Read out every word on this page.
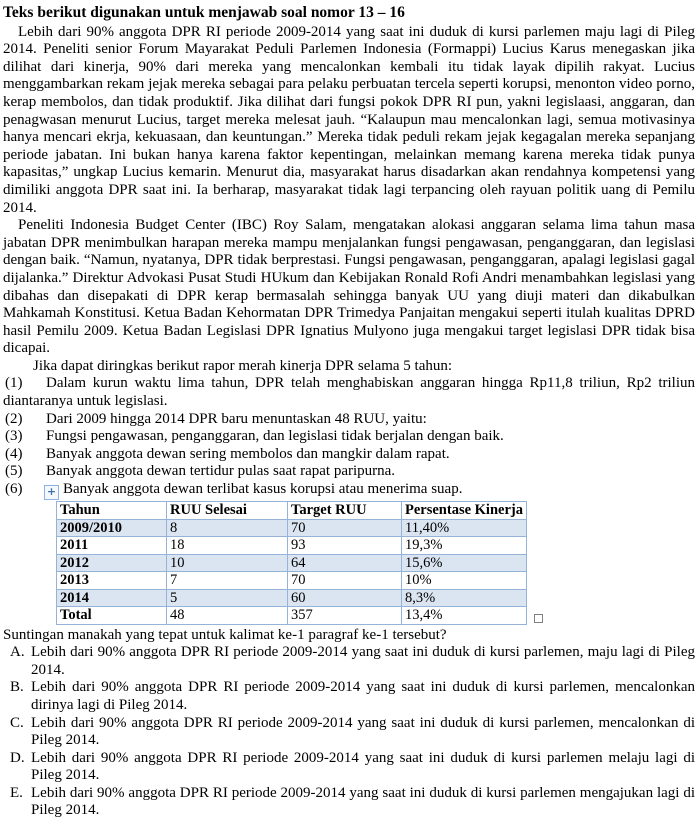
Teks berikut digunakan untuk menjawab soal nomor 13 – 16

Lebih dari 90% anggota DPR RI periode 2009-2014 yang saat ini duduk di kursi parlemen maju lagi di Pileg 2014. Peneliti senior Forum Mayarakat Peduli Parlemen Indonesia (Formappi) Lucius Karus menegaskan jika dilihat dari kinerja, 90% dari mereka yang mencalonkan kembali itu tidak layak dipilih rakyat. Lucius menggambarkan rekam jejak mereka sebagai para pelaku perbuatan tercela seperti korupsi, menonton video porno, kerap membolos, dan tidak produktif. Jika dilihat dari fungsi pokok DPR RI pun, yakni legislaasi, anggaran, dan penagwasan menurut Lucius, target mereka melesat jauh. “Kalaupun mau mencalonkan lagi, semua motivasinya hanya mencari ekrja, kekuasaan, dan keuntungan.” Mereka tidak peduli rekam jejak kegagalan mereka sepanjang periode jabatan. Ini bukan hanya karena faktor kepentingan, melainkan memang karena mereka tidak punya kapasitas,” ungkap Lucius kemarin. Menurut dia, masyarakat harus disadarkan akan rendahnya kompetensi yang dimiliki anggota DPR saat ini. Ia berharap, masyarakat tidak lagi terpancing oleh rayuan politik uang di Pemilu 2014.

Peneliti Indonesia Budget Center (IBC) Roy Salam, mengatakan alokasi anggaran selama lima tahun masa jabatan DPR menimbulkan harapan mereka mampu menjalankan fungsi pengawasan, penganggaran, dan legislasi dengan baik. “Namun, nyatanya, DPR tidak berprestasi. Fungsi pengawasan, penganggaran, apalagi legislasi gagal dijalanka.” Direktur Advokasi Pusat Studi HUkum dan Kebijakan Ronald Rofi Andri menambahkan legislasi yang dibahas dan disepakati di DPR kerap bermasalah sehingga banyak UU yang diuji materi dan dikabulkan Mahkamah Konstitusi. Ketua Badan Kehormatan DPR Trimedya Panjaitan mengakui seperti itulah kualitas DPRD hasil Pemilu 2009. Ketua Badan Legislasi DPR Ignatius Mulyono juga mengakui target legislasi DPR tidak bisa dicapai.

Jika dapat diringkas berikut rapor merah kinerja DPR selama 5 tahun:

(1) Dalam kurun waktu lima tahun, DPR telah menghabiskan anggaran hingga Rp11,8 triliun, Rp2 triliun diantaranya untuk legislasi.
(2) Dari 2009 hingga 2014 DPR baru menuntaskan 48 RUU, yaitu:
(3) Fungsi pengawasan, penganggaran, dan legislasi tidak berjalan dengan baik.
(4) Banyak anggota dewan sering membolos dan mangkir dalam rapat.
(5) Banyak anggota dewan tertidur pulas saat rapat paripurna.
(6) + Banyak anggota dewan terlibat kasus korupsi atau menerima suap.
Tahun	RUU Selesai	Target RUU	Persentase Kinerja
2009/2010	8	70	11,40%
2011	18	93	19,3%
2012	10	64	15,6%
2013	7	70	10%
2014	5	60	8,3%
Total	48	357	13,4%

Suntingan manakah yang tepat untuk kalimat ke-1 paragraf ke-1 tersebut?

A. Lebih dari 90% anggota DPR RI periode 2009-2014 yang saat ini duduk di kursi parlemen, maju lagi di Pileg 2014.
B. Lebih dari 90% anggota DPR RI periode 2009-2014 yang saat ini duduk di kursi parlemen, mencalonkan dirinya lagi di Pileg 2014.
C. Lebih dari 90% anggota DPR RI periode 2009-2014 yang saat ini duduk di kursi parlemen, mencalonkan di Pileg 2014.
D. Lebih dari 90% anggota DPR RI periode 2009-2014 yang saat ini duduk di kursi parlemen melaju lagi di Pileg 2014.
E. Lebih dari 90% anggota DPR RI periode 2009-2014 yang saat ini duduk di kursi parlemen mengajukan lagi di Pileg 2014.
